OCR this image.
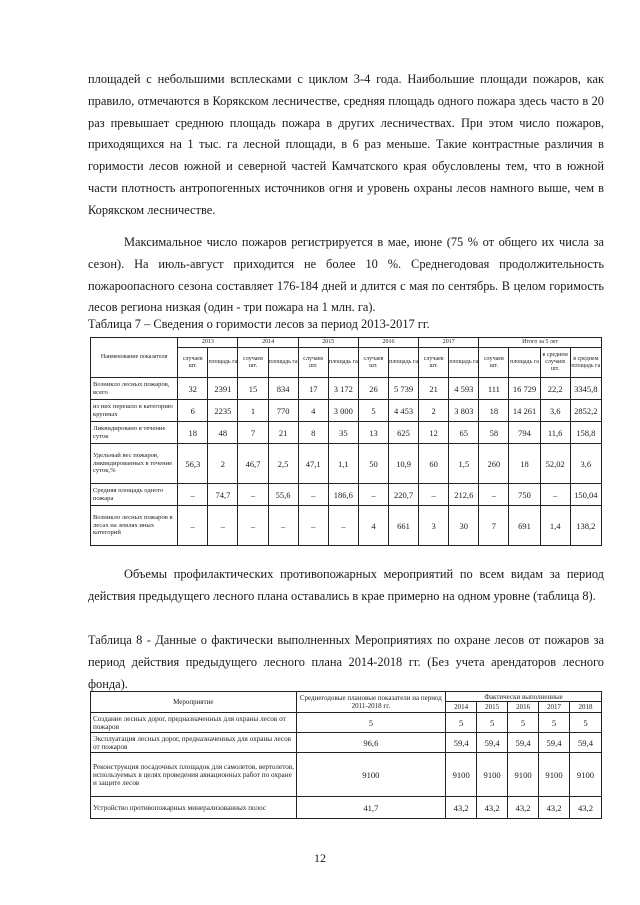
площадей с небольшими всплесками с циклом 3-4 года. Наибольшие площади пожаров, как правило, отмечаются в Корякском лесничестве, средняя площадь одного пожара здесь часто в 20 раз превышает среднюю площадь пожара в других лесничествах. При этом число пожаров, приходящихся на 1 тыс. га лесной площади, в 6 раз меньше. Такие контрастные различия в горимости лесов южной и северной частей Камчатского края обусловлены тем, что в южной части плотность антропогенных источников огня и уровень охраны лесов намного выше, чем в Корякском лесничестве.

Максимальное число пожаров регистрируется в мае, июне (75 % от общего их числа за сезон). На июль-август приходится не более 10 %. Среднегодовая продолжительность пожароопасного сезона составляет 176-184 дней и длится с мая по сентябрь. В целом горимость лесов региона низкая (один - три пожара на 1 млн. га).

Таблица 7 – Сведения о горимости лесов за период 2013-2017 гг.

Наименование показателя	2013		2014		2015		2016		2017		Итого за 5 лет			
	случаев шт.	площадь га	случаев шт.	площадь га	случаев шт.	площадь га	случаев шт.	площадь га	случаев шт.	площадь га	случаев шт.	площадь га	в среднем случаев шт.	в среднем площадь га

Возникло лесных пожаров, всего	32	2391	15	834	17	3 172	26	5 739	21	4 593	111	16 729	22,2	3345,8
из них перешло в категорию крупных	6	2235	1	770	4	3 000	5	4 453	2	3 803	18	14 261	3,6	2852,2
Ликвидировано в течение суток	18	48	7	21	8	35	13	625	12	65	58	794	11,6	158,8
Удельный вес пожаров, ликвидированных в течение суток,%	56,3	2	46,7	2,5	47,1	1,1	50	10,9	60	1,5	260	18	52,02	3,6
Средняя площадь одного пожара	–	74,7	–	55,6	–	186,6	–	220,7	–	212,6	–	750	–	150,04
Возникло лесных пожаров в лесах на землях иных категорий	–	–	–	–	–	–	4	661	3	30	7	691	1,4	138,2

Объемы профилактических противопожарных мероприятий по всем видам за период действия предыдущего лесного плана оставались в крае примерно на одном уровне (таблица 8).

Таблица 8 - Данные о фактически выполненных Мероприятиях по охране лесов от пожаров за период действия предыдущего лесного плана 2014-2018 гг. (Без учета арендаторов лесного фонда).

Мероприятие	Среднегодовые плановые показатели на период 2011-2018 гг.	Фактически выполненные				
		2014	2015	2016	2017	2018
Создание лесных дорог, предназначенных для охраны лесов от пожаров	5	5	5	5	5	5
Эксплуатация лесных дорог, предназначенных для охраны лесов от пожаров	96,6	59,4	59,4	59,4	59,4	59,4
Реконструкция посадочных площадок для самолетов, вертолетов, используемых в целях проведения авиационных работ по охране и защите лесов	9100	9100	9100	9100	9100	9100
Устройство противопожарных минерализованных полос	41,7	43,2	43,2	43,2	43,2	43,2
12
